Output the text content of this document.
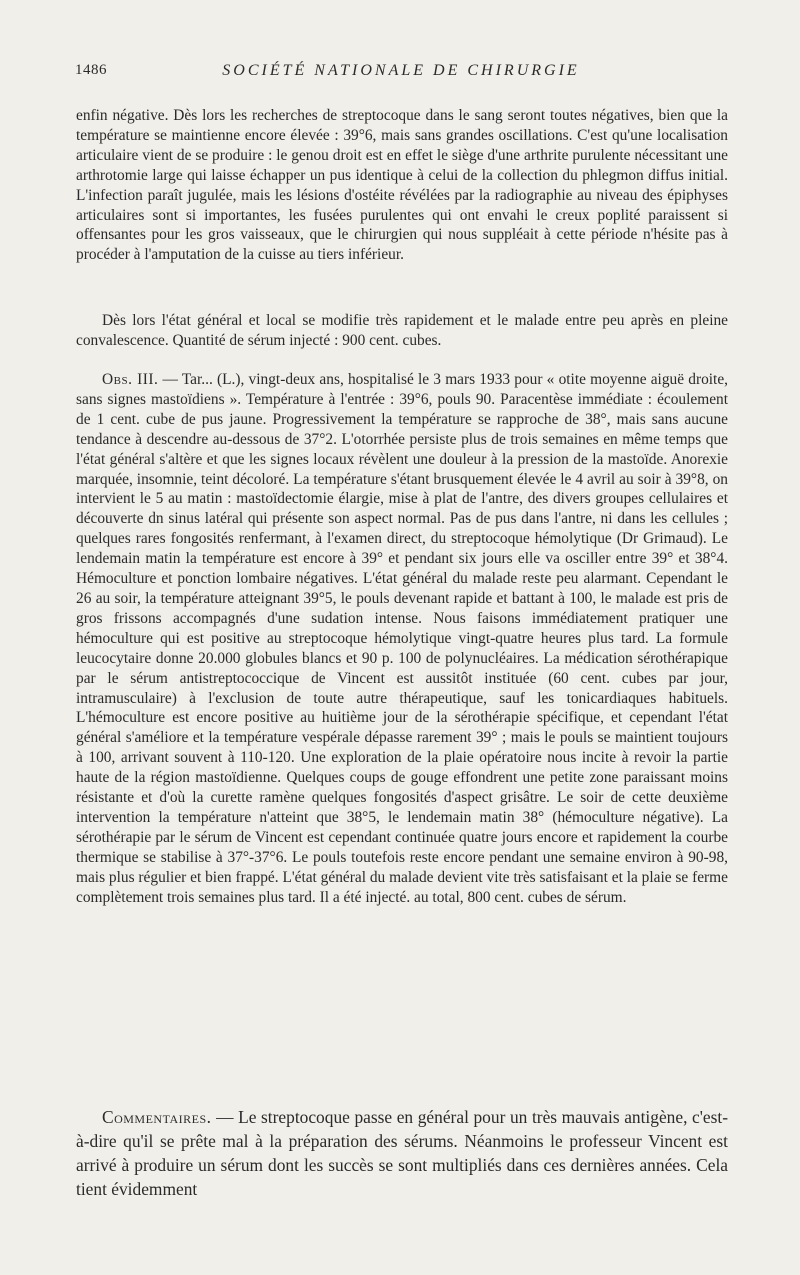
1486	SOCIÉTÉ NATIONALE DE CHIRURGIE

enfin négative. Dès lors les recherches de streptocoque dans le sang seront toutes négatives, bien que la température se maintienne encore élevée : 39°6, mais sans grandes oscillations. C'est qu'une localisation articulaire vient de se produire : le genou droit est en effet le siège d'une arthrite purulente nécessitant une arthrotomie large qui laisse échapper un pus identique à celui de la collection du phlegmon diffus initial. L'infection paraît jugulée, mais les lésions d'ostéite révélées par la radiographie au niveau des épiphyses articulaires sont si importantes, les fusées purulentes qui ont envahi le creux poplité paraissent si offensantes pour les gros vaisseaux, que le chirurgien qui nous suppléait à cette période n'hésite pas à procéder à l'amputation de la cuisse au tiers inférieur.

Dès lors l'état général et local se modifie très rapidement et le malade entre peu après en pleine convalescence. Quantité de sérum injecté : 900 cent. cubes.

Obs. III. — Tar... (L.), vingt-deux ans, hospitalisé le 3 mars 1933 pour « otite moyenne aiguë droite, sans signes mastoïdiens ». Température à l'entrée : 39°6, pouls 90. Paracentèse immédiate : écoulement de 1 cent. cube de pus jaune. Progressivement la température se rapproche de 38°, mais sans aucune tendance à descendre au-dessous de 37°2. L'otorrhée persiste plus de trois semaines en même temps que l'état général s'altère et que les signes locaux révèlent une douleur à la pression de la mastoïde. Anorexie marquée, insomnie, teint décoloré. La température s'étant brusquement élevée le 4 avril au soir à 39°8, on intervient le 5 au matin : mastoïdectomie élargie, mise à plat de l'antre, des divers groupes cellulaires et découverte dn sinus latéral qui présente son aspect normal. Pas de pus dans l'antre, ni dans les cellules ; quelques rares fongosités renfermant, à l'examen direct, du streptocoque hémolytique (Dr Grimaud). Le lendemain matin la température est encore à 39° et pendant six jours elle va osciller entre 39° et 38°4. Hémoculture et ponction lombaire négatives. L'état général du malade reste peu alarmant. Cependant le 26 au soir, la température atteignant 39°5, le pouls devenant rapide et battant à 100, le malade est pris de gros frissons accompagnés d'une sudation intense. Nous faisons immédiatement pratiquer une hémoculture qui est positive au streptocoque hémolytique vingt-quatre heures plus tard. La formule leucocytaire donne 20.000 globules blancs et 90 p. 100 de polynucléaires. La médication sérothérapique par le sérum antistreptococcique de Vincent est aussitôt instituée (60 cent. cubes par jour, intramusculaire) à l'exclusion de toute autre thérapeutique, sauf les tonicardiaques habituels. L'hémoculture est encore positive au huitième jour de la sérothérapie spécifique, et cependant l'état général s'améliore et la température vespérale dépasse rarement 39° ; mais le pouls se maintient toujours à 100, arrivant souvent à 110-120. Une exploration de la plaie opératoire nous incite à revoir la partie haute de la région mastoïdienne. Quelques coups de gouge effondrent une petite zone paraissant moins résistante et d'où la curette ramène quelques fongosités d'aspect grisâtre. Le soir de cette deuxième intervention la température n'atteint que 38°5, le lendemain matin 38° (hémoculture négative). La sérothérapie par le sérum de Vincent est cependant continuée quatre jours encore et rapidement la courbe thermique se stabilise à 37°-37°6. Le pouls toutefois reste encore pendant une semaine environ à 90-98, mais plus régulier et bien frappé. L'état général du malade devient vite très satisfaisant et la plaie se ferme complètement trois semaines plus tard. Il a été injecté. au total, 800 cent. cubes de sérum.

Commentaires. — Le streptocoque passe en général pour un très mauvais antigène, c'est-à-dire qu'il se prête mal à la préparation des sérums. Néanmoins le professeur Vincent est arrivé à produire un sérum dont les succès se sont multipliés dans ces dernières années. Cela tient évidemment
